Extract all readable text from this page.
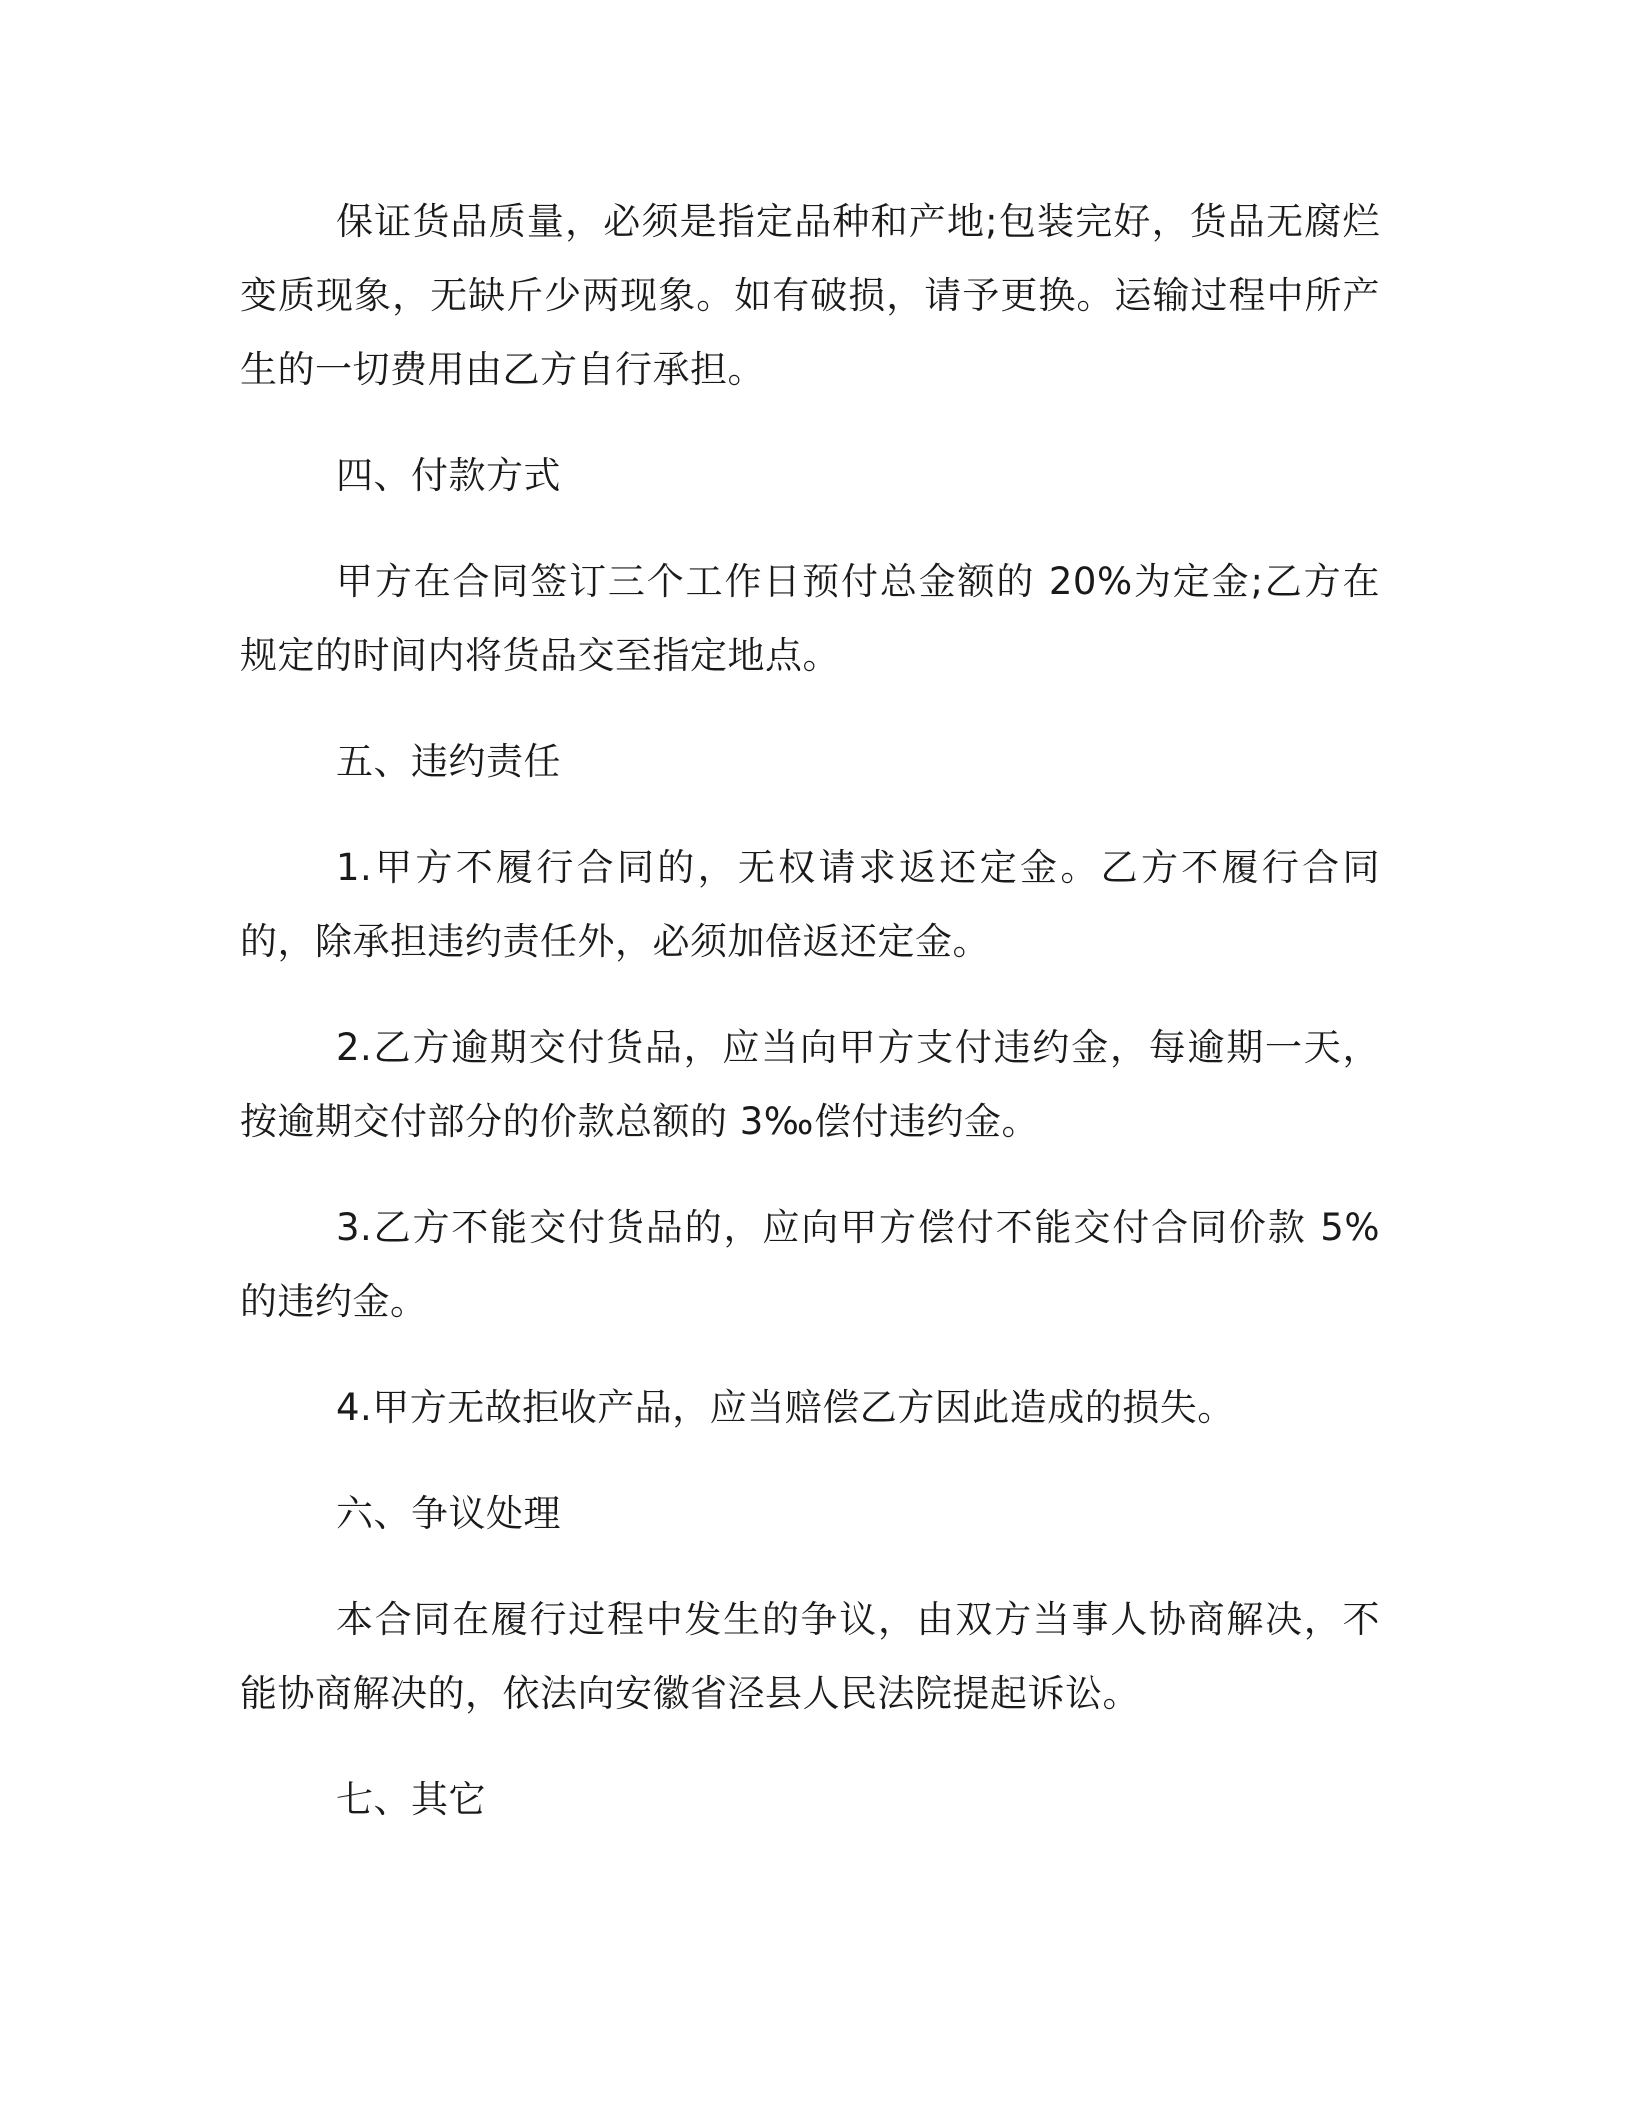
保证货品质量，必须是指定品种和产地;包装完好，货品无腐烂变质现象，无缺斤少两现象。如有破损，请予更换。运输过程中所产生的一切费用由乙方自行承担。

四、付款方式

甲方在合同签订三个工作日预付总金额的 20%为定金;乙方在规定的时间内将货品交至指定地点。

五、违约责任

1.甲方不履行合同的，无权请求返还定金。乙方不履行合同的，除承担违约责任外，必须加倍返还定金。

2.乙方逾期交付货品，应当向甲方支付违约金，每逾期一天，按逾期交付部分的价款总额的 3‰偿付违约金。

3.乙方不能交付货品的，应向甲方偿付不能交付合同价款 5%的违约金。

4.甲方无故拒收产品，应当赔偿乙方因此造成的损失。

六、争议处理

本合同在履行过程中发生的争议，由双方当事人协商解决，不能协商解决的，依法向安徽省泾县人民法院提起诉讼。

七、其它
